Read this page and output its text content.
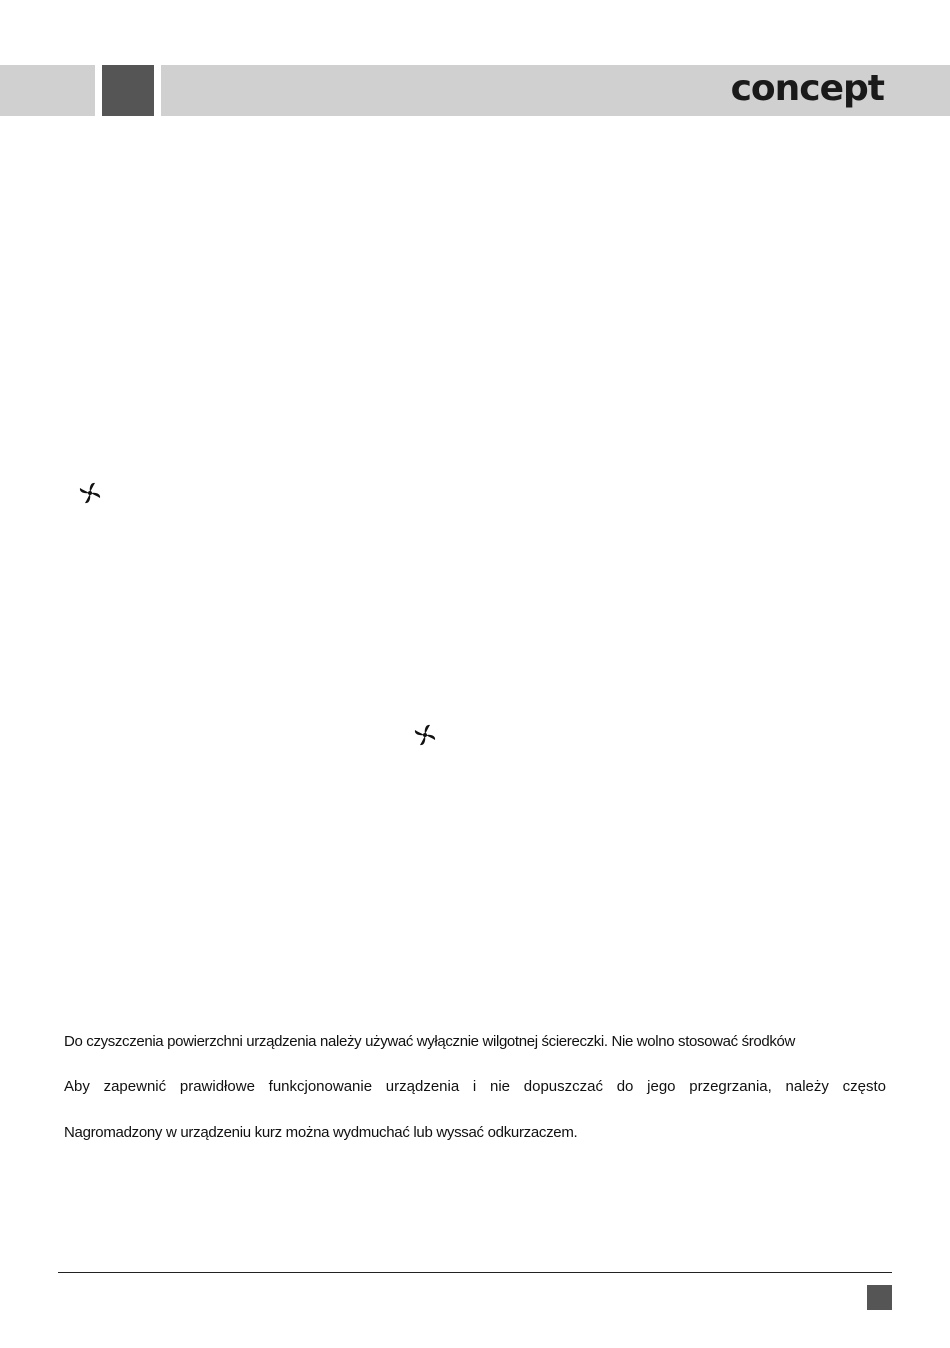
concept
Do czyszczenia powierzchni urządzenia należy używać wyłącznie wilgotnej ściereczki. Nie wolno stosować środków
Aby zapewnić prawidłowe funkcjonowanie urządzenia i nie dopuszczać do jego przegrzania, należy często
Nagromadzony w urządzeniu kurz można wydmuchać lub wyssać odkurzaczem.
